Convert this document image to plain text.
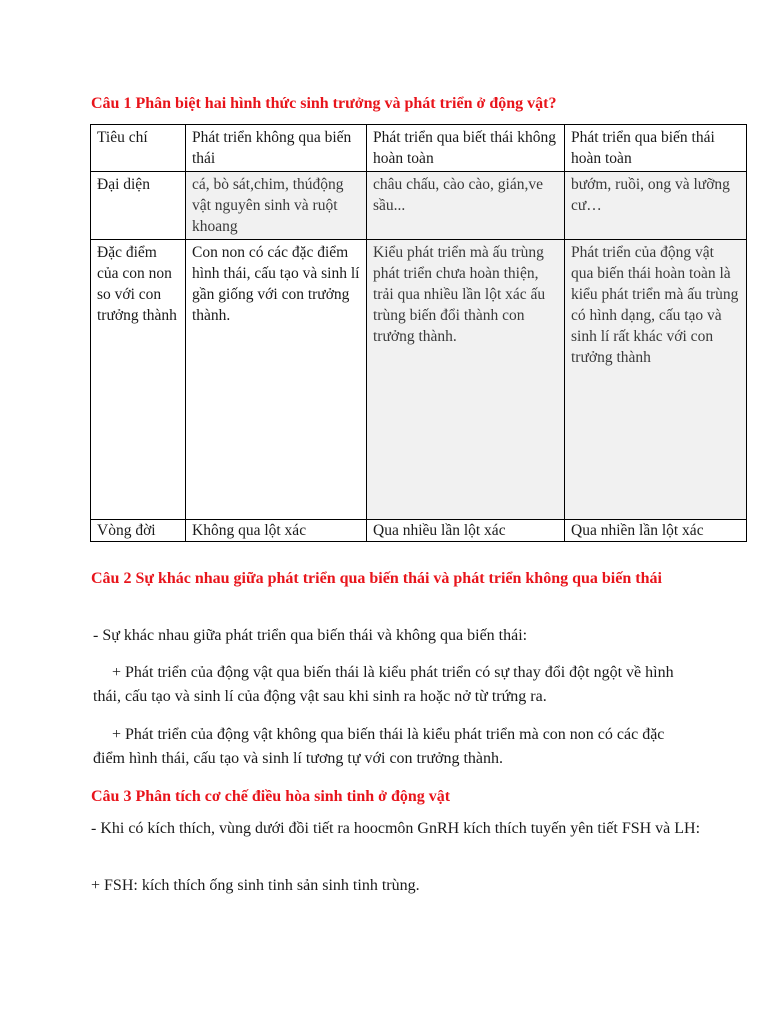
Câu 1 Phân biệt hai hình thức sinh trưởng và phát triển ở động vật?
Tiêu chí	Phát triển không qua biến thái	Phát triển qua biết thái không hoàn toàn	Phát triển qua biến thái hoàn toàn
Đại diện	cá, bò sát,chim, thúđộng vật nguyên sinh và ruột khoang	châu chấu, cào cào, gián,ve sầu...	bướm, ruồi, ong và lưỡng cư…
Đặc điểm của con non so với con trưởng thành	Con non có các đặc điểm hình thái, cấu tạo và sinh lí gần giống với con trưởng thành.	Kiểu phát triển mà ấu trùng phát triển chưa hoàn thiện, trải qua nhiều lần lột xác ấu trùng biến đổi thành con trưởng thành.	Phát triển của động vật qua biến thái hoàn toàn là kiểu phát triển mà ấu trùng có hình dạng, cấu tạo và sinh lí rất khác với con trưởng thành
Vòng đời	Không qua lột xác	Qua nhiều lần lột xác	Qua nhiền lần lột xác
Câu 2 Sự khác nhau giữa phát triển qua biến thái và phát triển không qua biến thái

- Sự khác nhau giữa phát triển qua biến thái và không qua biến thái:

+ Phát triển của động vật qua biến thái là kiểu phát triển có sự thay đổi đột ngột về hình thái, cấu tạo và sinh lí của động vật sau khi sinh ra hoặc nở từ trứng ra.

+ Phát triển của động vật không qua biến thái là kiểu phát triển mà con non có các đặc điểm hình thái, cấu tạo và sinh lí tương tự với con trưởng thành.

Câu 3 Phân tích cơ chế điều hòa sinh tinh ở động vật

- Khi có kích thích, vùng dưới đồi tiết ra hoocmôn GnRH kích thích tuyến yên tiết FSH và LH:

+ FSH: kích thích ống sinh tinh sản sinh tinh trùng.
